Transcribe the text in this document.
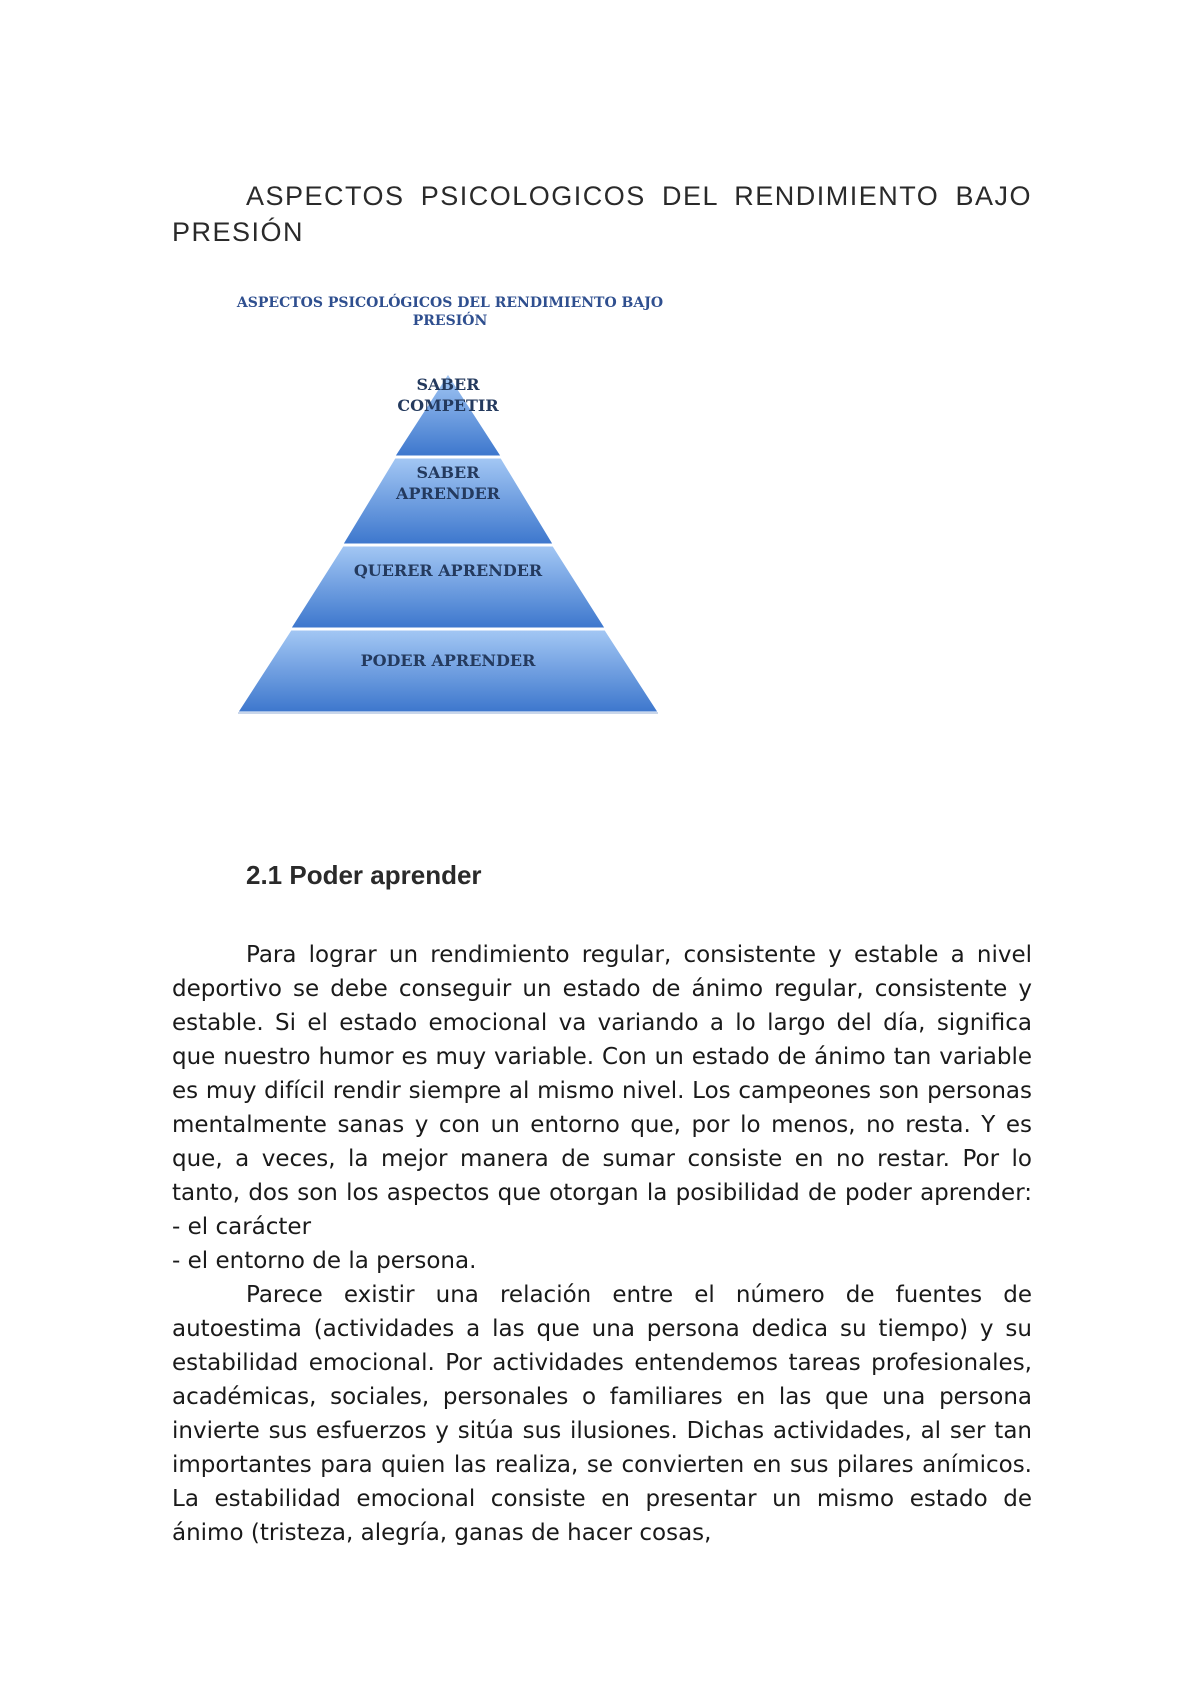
ASPECTOS PSICOLOGICOS DEL RENDIMIENTO BAJO
PRESIÓN
ASPECTOS PSICOLÓGICOS DEL RENDIMIENTO BAJO
PRESIÓN
SABER
COMPETIR
SABER
APRENDER
QUERER APRENDER
PODER APRENDER
2.1 Poder aprender

Para lograr un rendimiento regular, consistente y estable a nivel deportivo se debe conseguir un estado de ánimo regular, consistente y estable. Si el estado emocional va variando a lo largo del día, significa que nuestro humor es muy variable. Con un estado de ánimo tan variable es muy difícil rendir siempre al mismo nivel. Los campeones son personas mentalmente sanas y con un entorno que, por lo menos, no resta. Y es que, a veces, la mejor manera de sumar consiste en no restar. Por lo tanto, dos son los aspectos que otorgan la posibilidad de poder aprender: - el carácter

- el entorno de la persona.

Parece existir una relación entre el número de fuentes de autoestima (actividades a las que una persona dedica su tiempo) y su estabilidad emocional. Por actividades entendemos tareas profesionales, académicas, sociales, personales o familiares en las que una persona invierte sus esfuerzos y sitúa sus ilusiones. Dichas actividades, al ser tan importantes para quien las realiza, se convierten en sus pilares anímicos. La estabilidad emocional consiste en presentar un mismo estado de ánimo (tristeza, alegría, ganas de hacer cosas,
